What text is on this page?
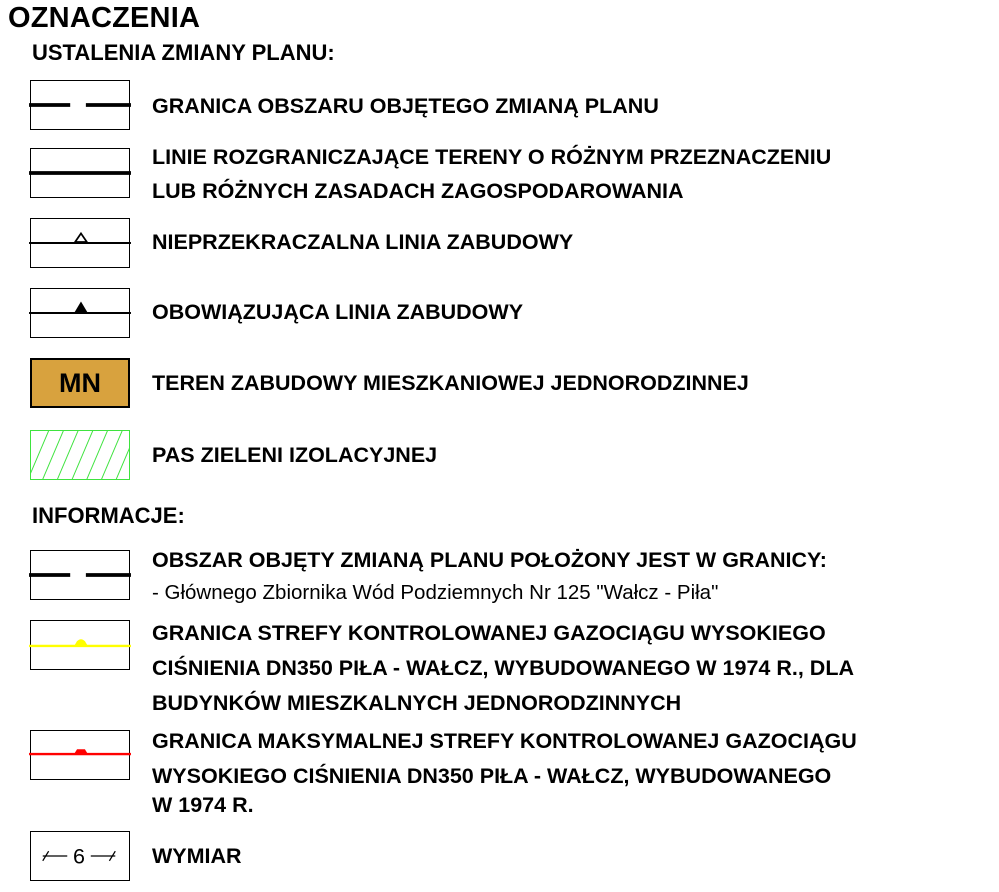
OZNACZENIA
USTALENIA ZMIANY PLANU:
GRANICA OBSZARU OBJĘTEGO ZMIANĄ PLANU
LINIE ROZGRANICZAJĄCE TERENY O RÓŻNYM PRZEZNACZENIU
LUB RÓŻNYCH ZASADACH ZAGOSPODAROWANIA
NIEPRZEKRACZALNA LINIA ZABUDOWY
OBOWIĄZUJĄCA LINIA ZABUDOWY
MN TEREN ZABUDOWY MIESZKANIOWEJ JEDNORODZINNEJ
PAS ZIELENI IZOLACYJNEJ
INFORMACJE:
OBSZAR OBJĘTY ZMIANĄ PLANU POŁOŻONY JEST W GRANICY:
- Głównego Zbiornika Wód Podziemnych Nr 125 "Wałcz - Piła"
GRANICA STREFY KONTROLOWANEJ GAZOCIĄGU WYSOKIEGO
CIŚNIENIA DN350 PIŁA - WAŁCZ, WYBUDOWANEGO W 1974 R., DLA
BUDYNKÓW MIESZKALNYCH JEDNORODZINNYCH
GRANICA MAKSYMALNEJ STREFY KONTROLOWANEJ GAZOCIĄGU
WYSOKIEGO CIŚNIENIA DN350 PIŁA - WAŁCZ, WYBUDOWANEGO
W 1974 R.
6	WYMIAR
